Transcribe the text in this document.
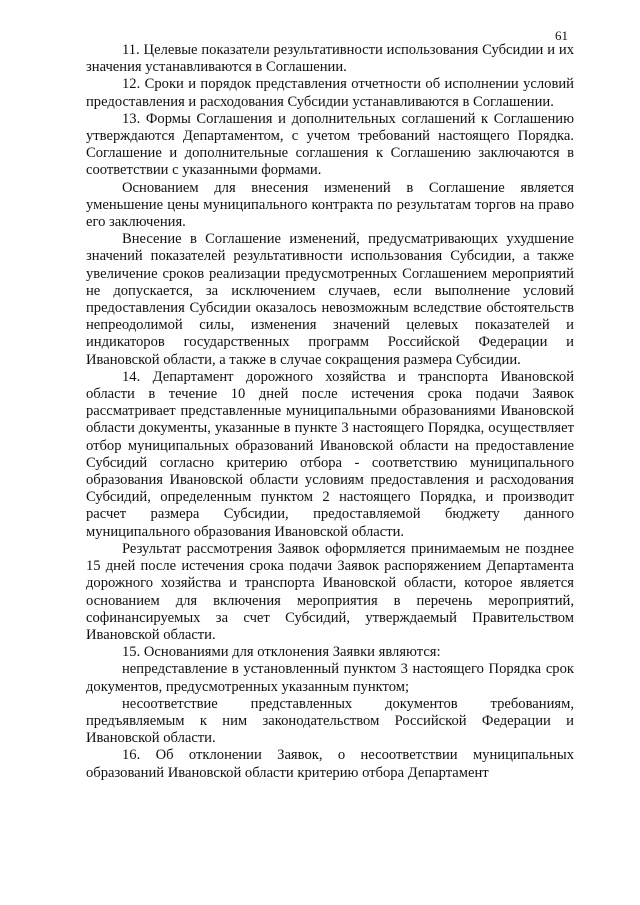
61

11. Целевые показатели результативности использования Субсидии и их значения устанавливаются в Соглашении.

12. Сроки и порядок представления отчетности об исполнении условий предоставления и расходования Субсидии устанавливаются в Соглашении.

13. Формы Соглашения и дополнительных соглашений к Соглашению утверждаются Департаментом, с учетом требований настоящего Порядка. Соглашение и дополнительные соглашения к Соглашению заключаются в соответствии с указанными формами.

Основанием для внесения изменений в Соглашение является уменьшение цены муниципального контракта по результатам торгов на право его заключения.

Внесение в Соглашение изменений, предусматривающих ухудшение значений показателей результативности использования Субсидии, а также увеличение сроков реализации предусмотренных Соглашением мероприятий не допускается, за исключением случаев, если выполнение условий предоставления Субсидии оказалось невозможным вследствие обстоятельств непреодолимой силы, изменения значений целевых показателей и индикаторов государственных программ Российской Федерации и Ивановской области, а также в случае сокращения размера Субсидии.

14. Департамент дорожного хозяйства и транспорта Ивановской области в течение 10 дней после истечения срока подачи Заявок рассматривает представленные муниципальными образованиями Ивановской области документы, указанные в пункте 3 настоящего Порядка, осуществляет отбор муниципальных образований Ивановской области на предоставление Субсидий согласно критерию отбора - соответствию муниципального образования Ивановской области условиям предоставления и расходования Субсидий, определенным пунктом 2 настоящего Порядка, и производит расчет размера Субсидии, предоставляемой бюджету данного муниципального образования Ивановской области.

Результат рассмотрения Заявок оформляется принимаемым не позднее 15 дней после истечения срока подачи Заявок распоряжением Департамента дорожного хозяйства и транспорта Ивановской области, которое является основанием для включения мероприятия в перечень мероприятий, софинансируемых за счет Субсидий, утверждаемый Правительством Ивановской области.

15. Основаниями для отклонения Заявки являются:

непредставление в установленный пунктом 3 настоящего Порядка срок документов, предусмотренных указанным пунктом;

несоответствие представленных документов требованиям, предъявляемым к ним законодательством Российской Федерации и Ивановской области.

16. Об отклонении Заявок, о несоответствии муниципальных образований Ивановской области критерию отбора Департамент
